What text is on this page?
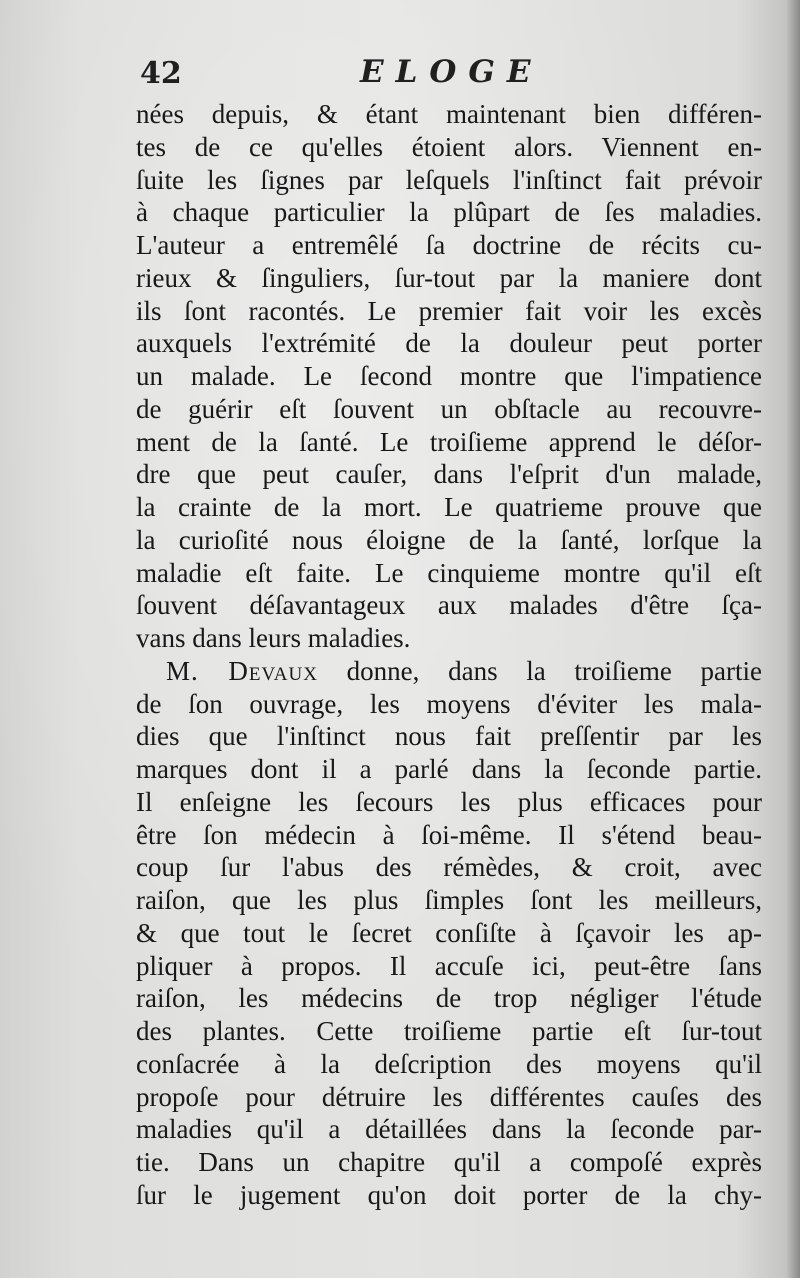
42	ELOGE
nées depuis, & étant maintenant bien différen-
tes de ce qu'elles étoient alors. Viennent en-
ſuite les ſignes par leſquels l'inſtinct fait prévoir
à chaque particulier la plûpart de ſes maladies.
L'auteur a entremêlé ſa doctrine de récits cu-
rieux & ſinguliers, ſur-tout par la maniere dont
ils ſont racontés. Le premier fait voir les excès
auxquels l'extrémité de la douleur peut porter
un malade. Le ſecond montre que l'impatience
de guérir eſt ſouvent un obſtacle au recouvre-
ment de la ſanté. Le troiſieme apprend le déſor-
dre que peut cauſer, dans l'eſprit d'un malade,
la crainte de la mort. Le quatrieme prouve que
la curioſité nous éloigne de la ſanté, lorſque la
maladie eſt faite. Le cinquieme montre qu'il eſt
ſouvent déſavantageux aux malades d'être ſça-
vans dans leurs maladies.
M. Devaux donne, dans la troiſieme partie
de ſon ouvrage, les moyens d'éviter les mala-
dies que l'inſtinct nous fait preſſentir par les
marques dont il a parlé dans la ſeconde partie.
Il enſeigne les ſecours les plus efficaces pour
être ſon médecin à ſoi-même. Il s'étend beau-
coup ſur l'abus des rémèdes, & croit, avec
raiſon, que les plus ſimples ſont les meilleurs,
& que tout le ſecret conſiſte à ſçavoir les ap-
pliquer à propos. Il accuſe ici, peut-être ſans
raiſon, les médecins de trop négliger l'étude
des plantes. Cette troiſieme partie eſt ſur-tout
conſacrée à la deſcription des moyens qu'il
propoſe pour détruire les différentes cauſes des
maladies qu'il a détaillées dans la ſeconde par-
tie. Dans un chapitre qu'il a compoſé exprès
ſur le jugement qu'on doit porter de la chy-
